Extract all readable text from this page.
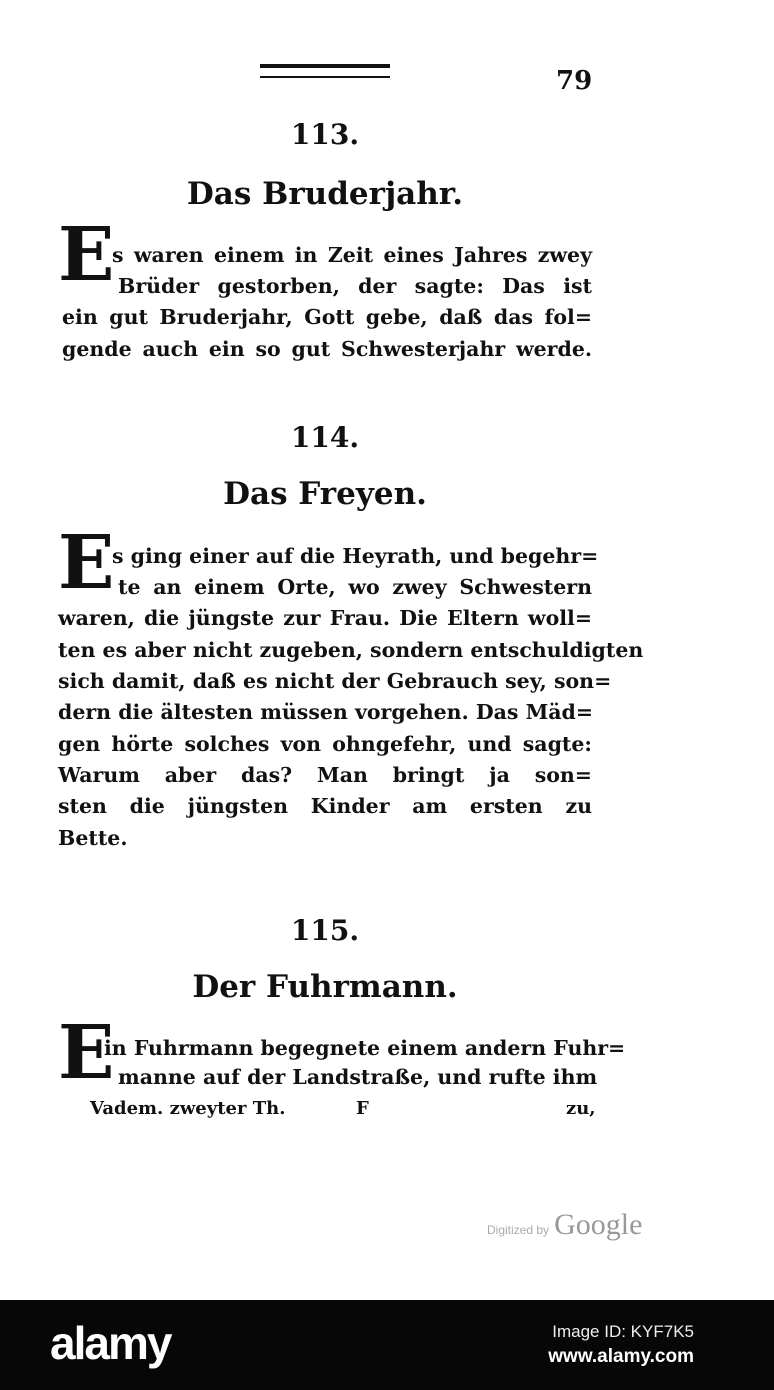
79
113.
Das Bruderjahr.
E
s waren einem in Zeit eines Jahres zwey
Brüder gestorben, der sagte: Das ist
ein gut Bruderjahr, Gott gebe, daß das fol=
gende auch ein so gut Schwesterjahr werde.
114.
Das Freyen.
E
s ging einer auf die Heyrath, und begehr=
te an einem Orte, wo zwey Schwestern
waren, die jüngste zur Frau. Die Eltern woll=
ten es aber nicht zugeben, sondern entschuldigten
sich damit, daß es nicht der Gebrauch sey, son=
dern die ältesten müssen vorgehen. Das Mäd=
gen hörte solches von ohngefehr, und sagte:
Warum aber das? Man bringt ja son=
sten die jüngsten Kinder am ersten zu
Bette.
115.
Der Fuhrmann.
E
in Fuhrmann begegnete einem andern Fuhr=
manne auf der Landstraße, und rufte ihm
Vadem. zweyter Th.	F	zu,
Digitized by Google
alamy	Image ID: KYF7K5
www.alamy.com
